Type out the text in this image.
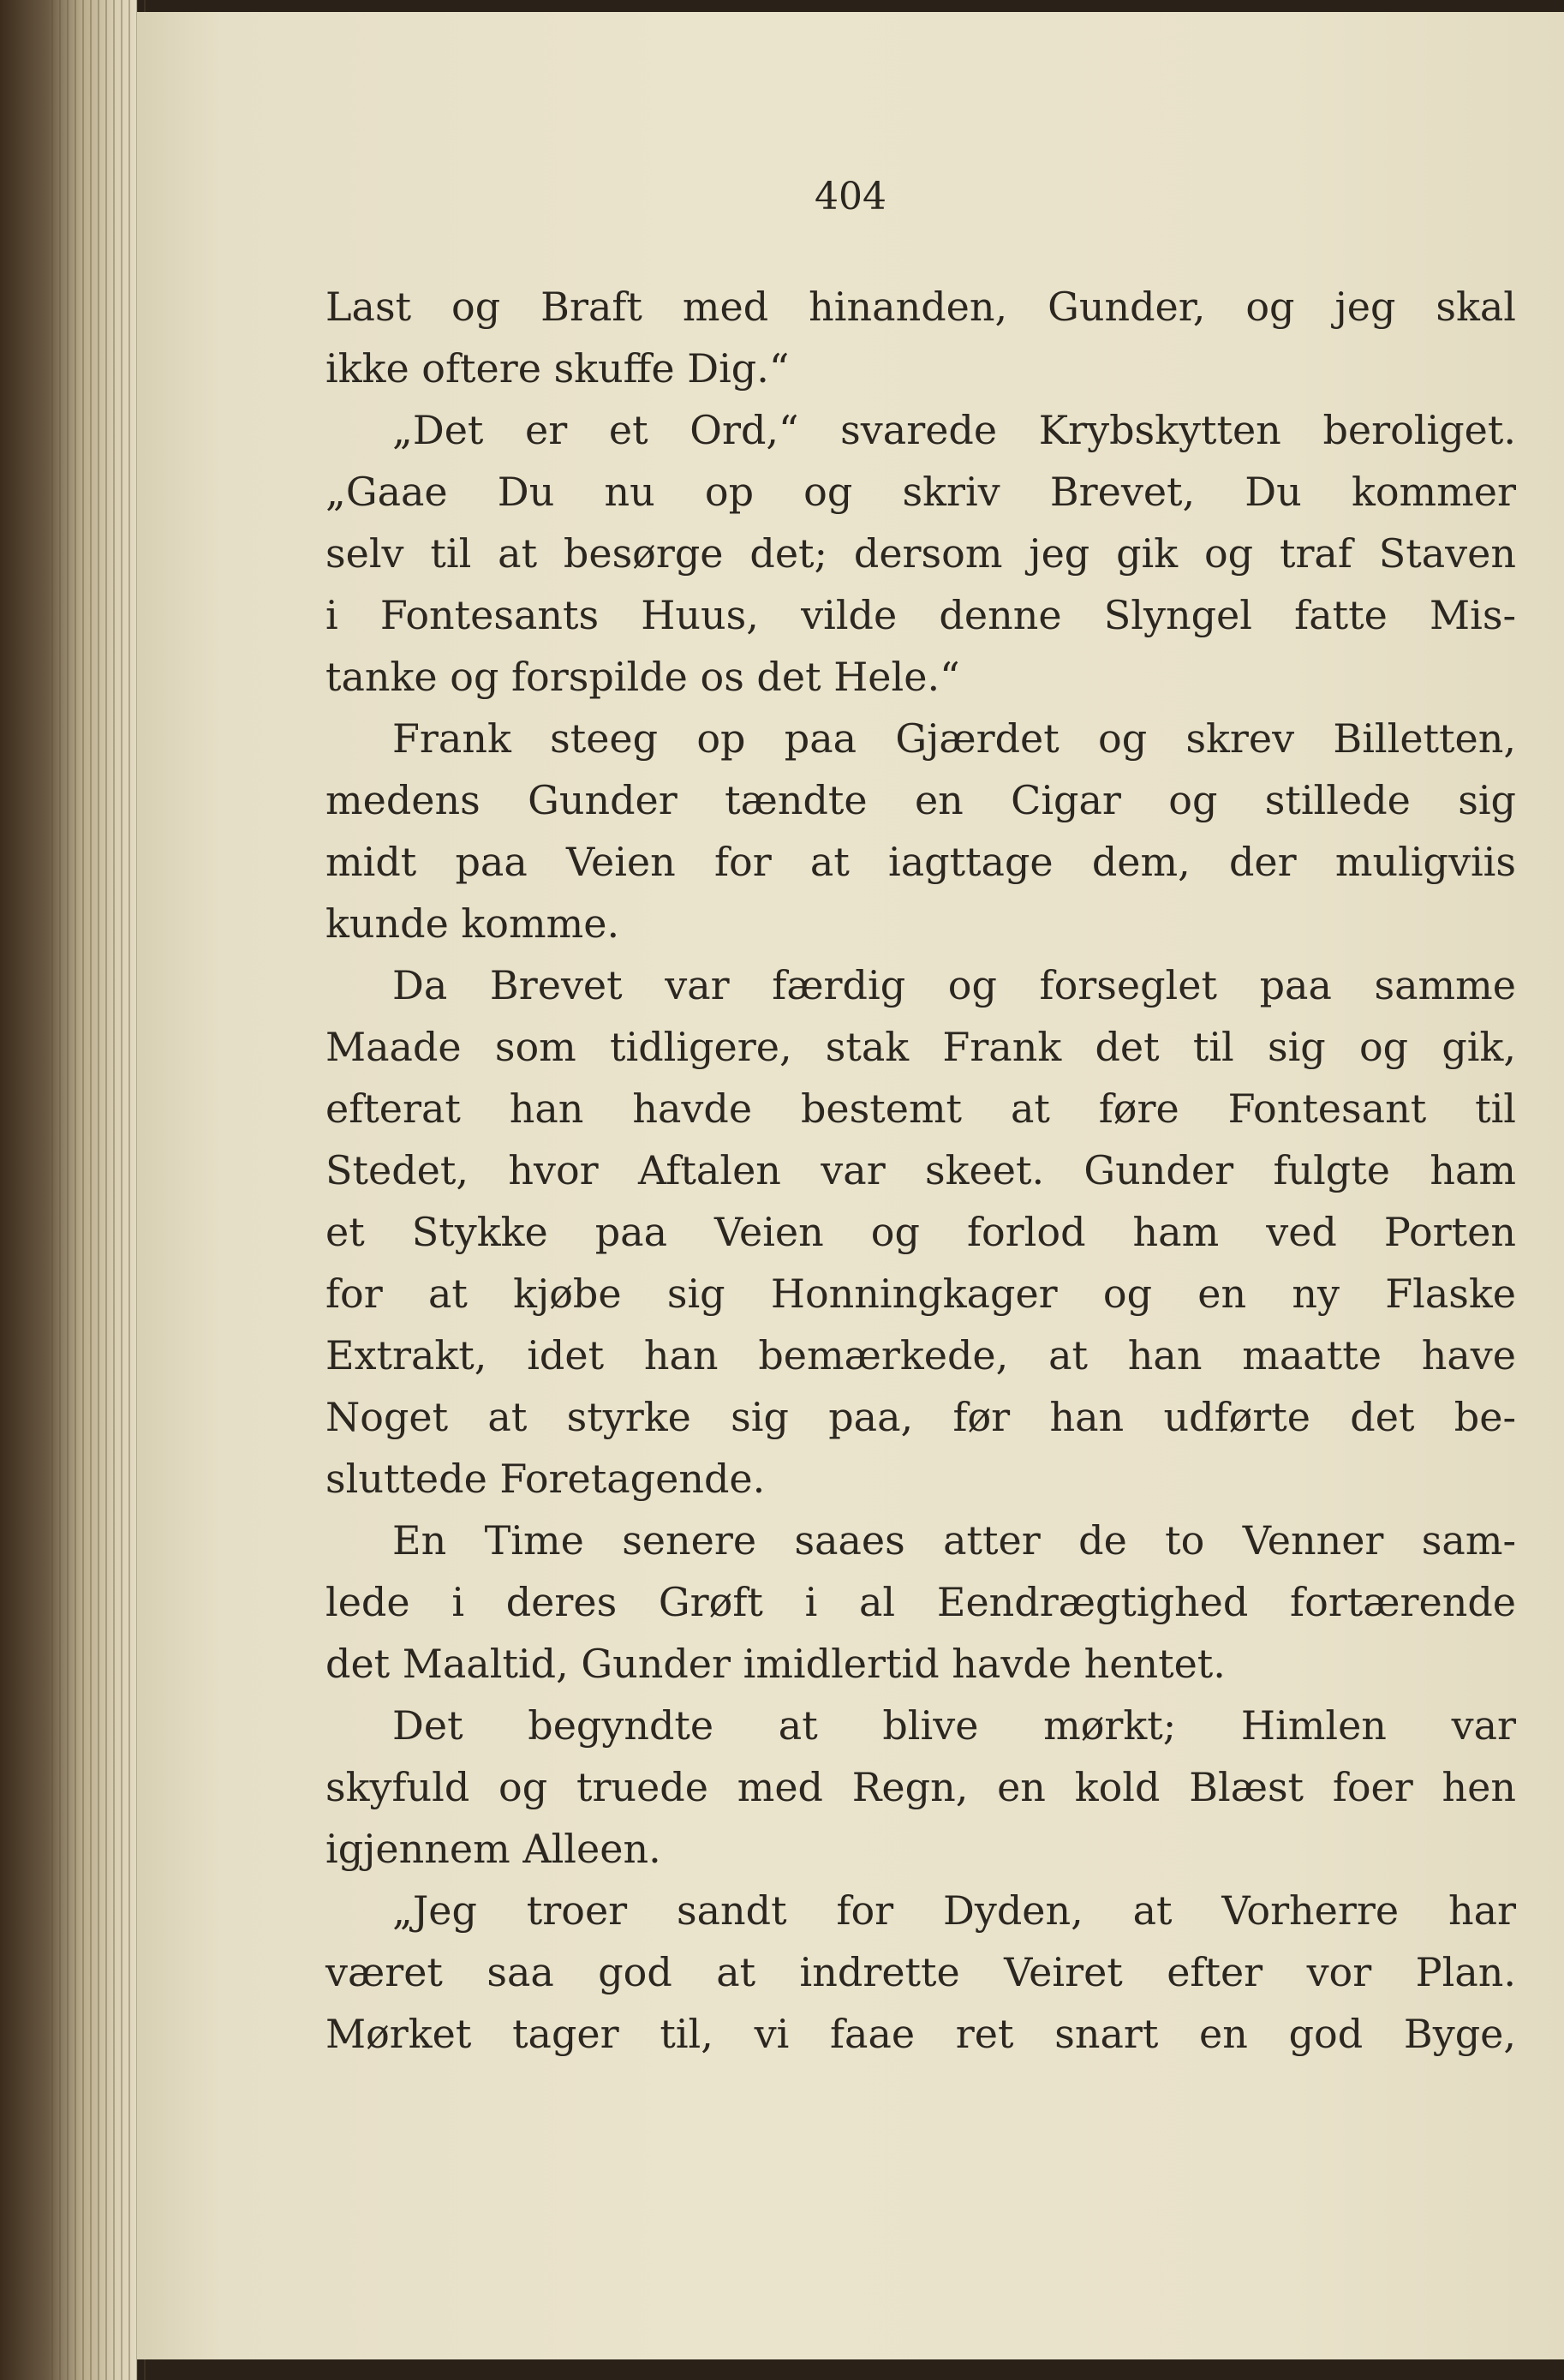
404
Last og Braft med hinanden, Gunder, og jeg skal
ikke oftere skuffe Dig.“
„Det er et Ord,“ svarede Krybskytten beroliget.
„Gaae Du nu op og skriv Brevet, Du kommer
selv til at besørge det; dersom jeg gik og traf Staven
i Fontesants Huus, vilde denne Slyngel fatte Mis-
tanke og forspilde os det Hele.“
Frank steeg op paa Gjærdet og skrev Billetten,
medens Gunder tændte en Cigar og stillede sig
midt paa Veien for at iagttage dem, der muligviis
kunde komme.
Da Brevet var færdig og forseglet paa samme
Maade som tidligere, stak Frank det til sig og gik,
efterat han havde bestemt at føre Fontesant til
Stedet, hvor Aftalen var skeet. Gunder fulgte ham
et Stykke paa Veien og forlod ham ved Porten
for at kjøbe sig Honningkager og en ny Flaske
Extrakt, idet han bemærkede, at han maatte have
Noget at styrke sig paa, før han udførte det be-
sluttede Foretagende.
En Time senere saaes atter de to Venner sam-
lede i deres Grøft i al Eendrægtighed fortærende
det Maaltid, Gunder imidlertid havde hentet.
Det begyndte at blive mørkt; Himlen var
skyfuld og truede med Regn, en kold Blæst foer hen
igjennem Alleen.
„Jeg troer sandt for Dyden, at Vorherre har
været saa god at indrette Veiret efter vor Plan.
Mørket tager til, vi faae ret snart en god Byge,
